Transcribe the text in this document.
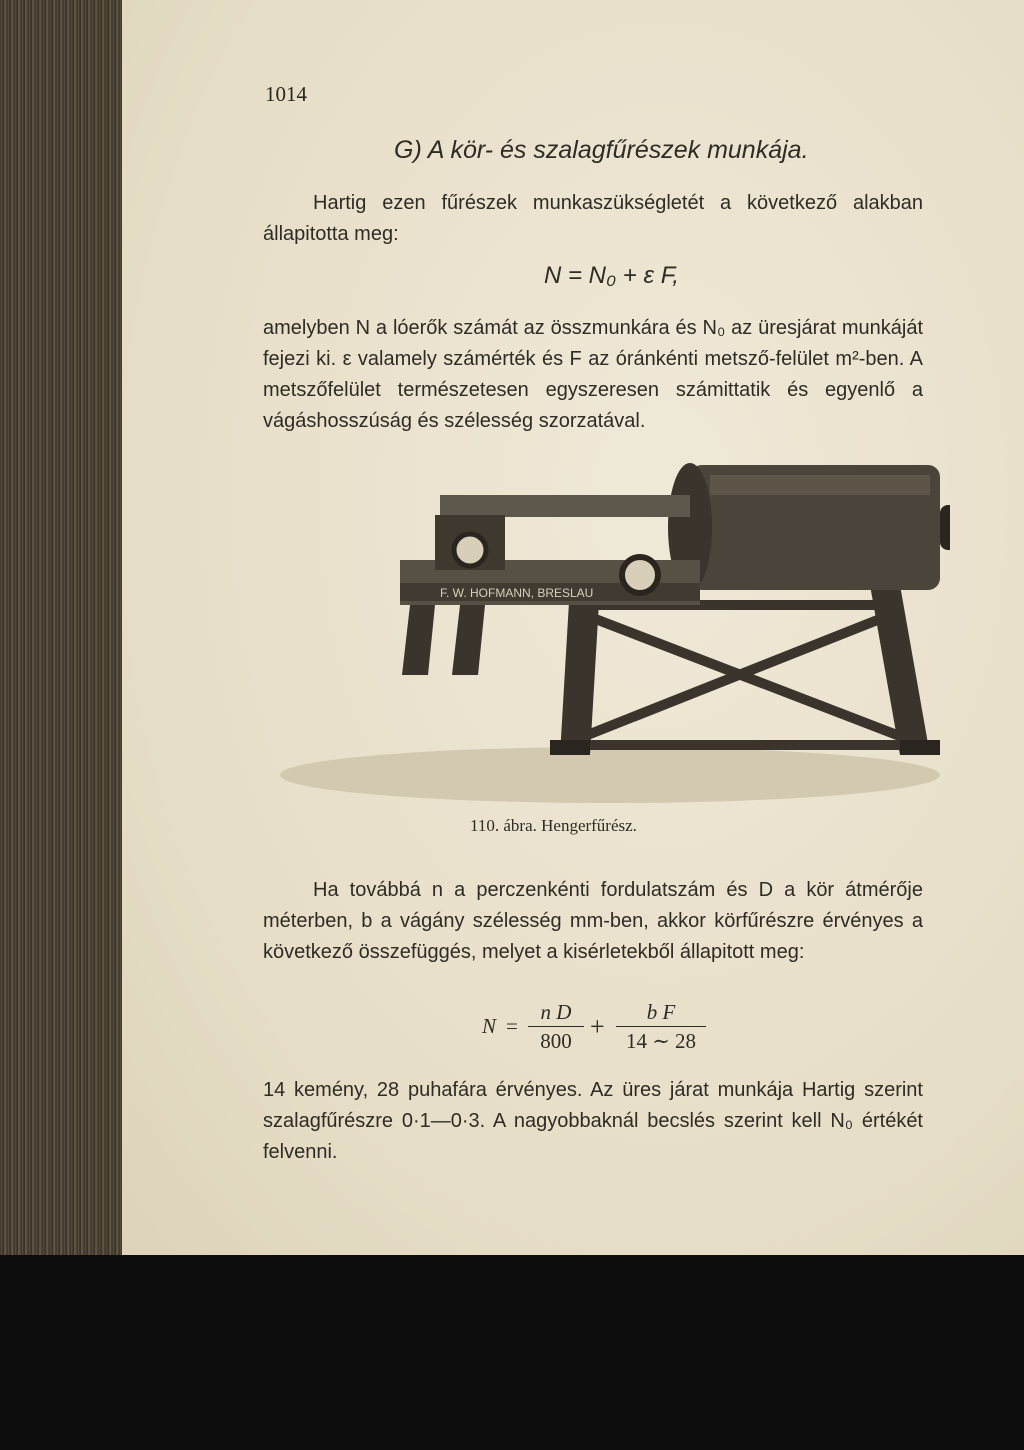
1014
G) A kör- és szalagfűrészek munkája.
Hartig ezen fűrészek munkaszükségletét a következő alakban állapitotta meg:
N = N₀ + ε F,
amelyben N a lóerők számát az összmunkára és N₀ az üresjárat munkáját fejezi ki. ε valamely számérték és F az óránkénti metsző-felület m²-ben. A metszőfelület természetesen egyszeresen számittatik és egyenlő a vágáshosszúság és szélesség szorzatával.
F. W. HOFMANN, BRESLAU
110. ábra. Hengerfűrész.
Ha továbbá n a perczenkénti fordulatszám és D a kör átmérője méterben, b a vágány szélesség mm-ben, akkor körfűrészre érvényes a következő összefüggés, melyet a kisérletekből állapitott meg:
N =
n D
800 +	b F
14 ∼ 28
14 kemény, 28 puhafára érvényes. Az üres járat munkája Hartig szerint szalagfűrészre 0·1—0·3. A nagyobbaknál becslés szerint kell N₀ értékét felvenni.
